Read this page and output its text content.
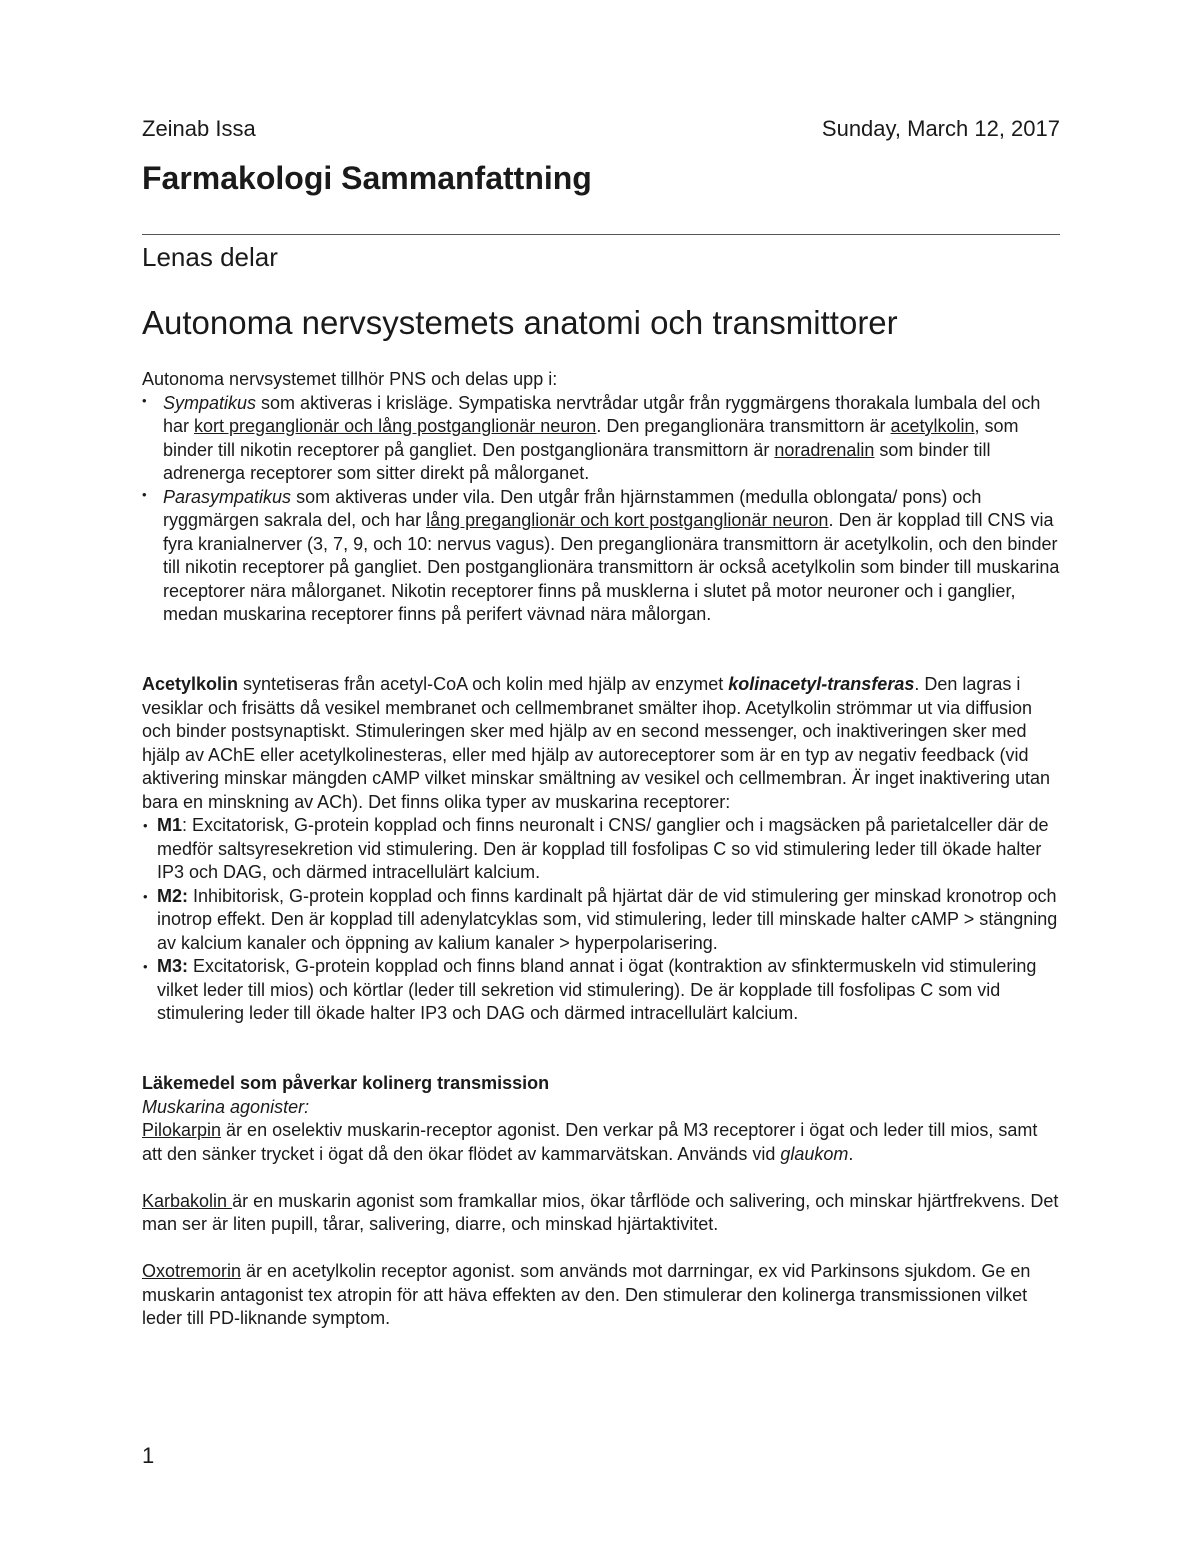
Zeinab Issa	Sunday, March 12, 2017
Farmakologi Sammanfattning
Lenas delar
Autonoma nervsystemets anatomi och transmittorer

Autonoma nervsystemet tillhör PNS och delas upp i:

• Sympatikus som aktiveras i krisläge. Sympatiska nervtrådar utgår från ryggmärgens thorakala lumbala del och har kort preganglionär och lång postganglionär neuron. Den preganglionära transmittorn är acetylkolin, som binder till nikotin receptorer på gangliet. Den postganglionära transmittorn är noradrenalin som binder till adrenerga receptorer som sitter direkt på målorganet.
• Parasympatikus som aktiveras under vila. Den utgår från hjärnstammen (medulla oblongata/ pons) och ryggmärgen sakrala del, och har lång preganglionär och kort postganglionär neuron. Den är kopplad till CNS via fyra kranialnerver (3, 7, 9, och 10: nervus vagus). Den preganglionära transmittorn är acetylkolin, och den binder till nikotin receptorer på gangliet. Den postganglionära transmittorn är också acetylkolin som binder till muskarina receptorer nära målorganet. Nikotin receptorer finns på musklerna i slutet på motor neuroner och i ganglier, medan muskarina receptorer finns på perifert vävnad nära målorgan.

Acetylkolin syntetiseras från acetyl-CoA och kolin med hjälp av enzymet kolinacetyl-transferas. Den lagras i vesiklar och frisätts då vesikel membranet och cellmembranet smälter ihop. Acetylkolin strömmar ut via diffusion och binder postsynaptiskt. Stimuleringen sker med hjälp av en second messenger, och inaktiveringen sker med hjälp av AChE eller acetylkolinesteras, eller med hjälp av autoreceptorer som är en typ av negativ feedback (vid aktivering minskar mängden cAMP vilket minskar smältning av vesikel och cellmembran. Är inget inaktivering utan bara en minskning av ACh). Det finns olika typer av muskarina receptorer:

• M1: Excitatorisk, G-protein kopplad och finns neuronalt i CNS/ ganglier och i magsäcken på parietalceller där de medför saltsyresekretion vid stimulering. Den är kopplad till fosfolipas C so vid stimulering leder till ökade halter IP3 och DAG, och därmed intracellulärt kalcium.
• M2: Inhibitorisk, G-protein kopplad och finns kardinalt på hjärtat där de vid stimulering ger minskad kronotrop och inotrop effekt. Den är kopplad till adenylatcyklas som, vid stimulering, leder till minskade halter cAMP > stängning av kalcium kanaler och öppning av kalium kanaler > hyperpolarisering.
• M3: Excitatorisk, G-protein kopplad och finns bland annat i ögat (kontraktion av sfinktermuskeln vid stimulering vilket leder till mios) och körtlar (leder till sekretion vid stimulering). De är kopplade till fosfolipas C som vid stimulering leder till ökade halter IP3 och DAG och därmed intracellulärt kalcium.

Läkemedel som påverkar kolinerg transmission

Muskarina agonister:

Pilokarpin är en oselektiv muskarin-receptor agonist. Den verkar på M3 receptorer i ögat och leder till mios, samt att den sänker trycket i ögat då den ökar flödet av kammarvätskan. Används vid glaukom.

Karbakolin är en muskarin agonist som framkallar mios, ökar tårflöde och salivering, och minskar hjärtfrekvens. Det man ser är liten pupill, tårar, salivering, diarre, och minskad hjärtaktivitet.

Oxotremorin är en acetylkolin receptor agonist. som används mot darrningar, ex vid Parkinsons sjukdom. Ge en muskarin antagonist tex atropin för att häva effekten av den. Den stimulerar den kolinerga transmissionen vilket leder till PD-liknande symptom.

1
